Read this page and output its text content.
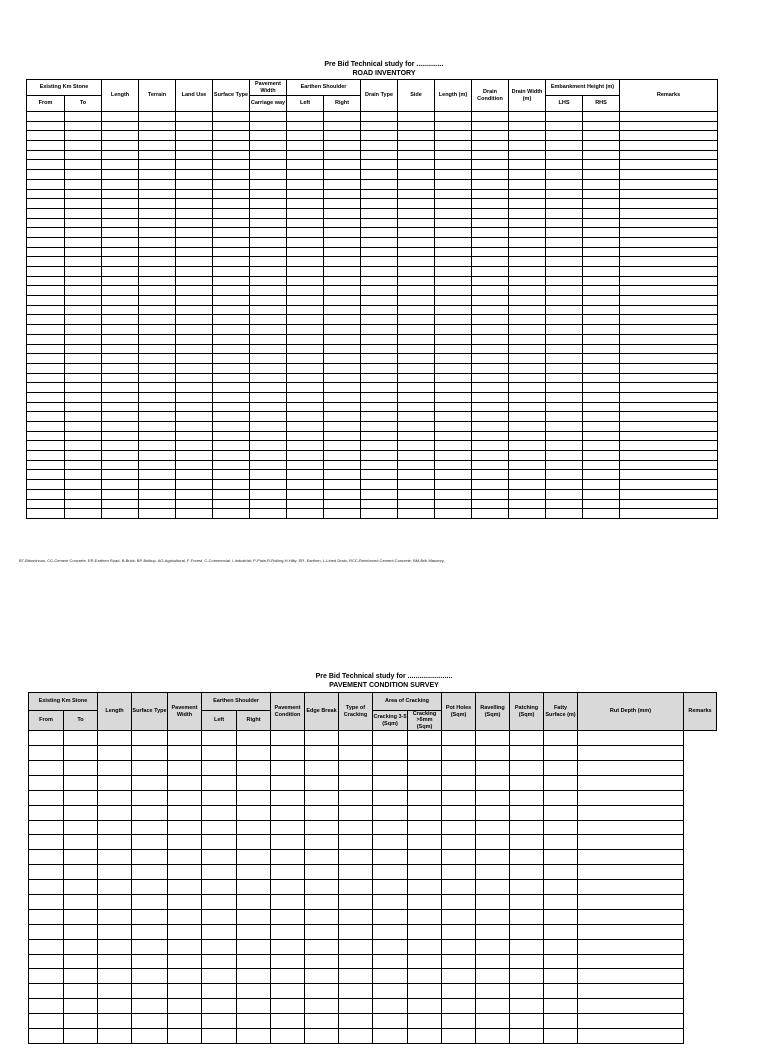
Pre Bid Technical study for ..............
ROAD INVENTORY
Existing Km Stone		Length	Terrain	Land Use	Surface Type	Pavement Width	Earthen Shoulder		Drain Type	Side	Length (m)	Drain Condition	Drain Width (m)	Embankment Height (m)		Remarks
From	To					Carriage way	Left	Right						LHS	RHS	

BT-Bituminous, CC-Cement Concrete, ER-Earthen Road, B-Brick; BP-Builtup, AG-Agricultural, F-Forest, C-Commercial, I-Industrial; P-Plain,R-Rolling,H-Hilly: ER- Earthen, L-Lined Drain, RCC-Reinforced Cement Concrete, BM-Brik Masonry,
Pre Bid Technical study for .......................
PAVEMENT CONDITION SURVEY
Existing Km Stone		Length	Surface Type	Pavement Width	Earthen Shoulder		Pavement Condition	Edge Break	Type of Cracking	Area of Cracking		Pot Holes (Sqm)	Ravelling (Sqm)	Patching (Sqm)	Fatty Surface (m)	Rut Depth (mm)	Remarks
From	To				Left	Right				Cracking 3-5 (Sqm)	Cracking >5mm (Sqm)						
